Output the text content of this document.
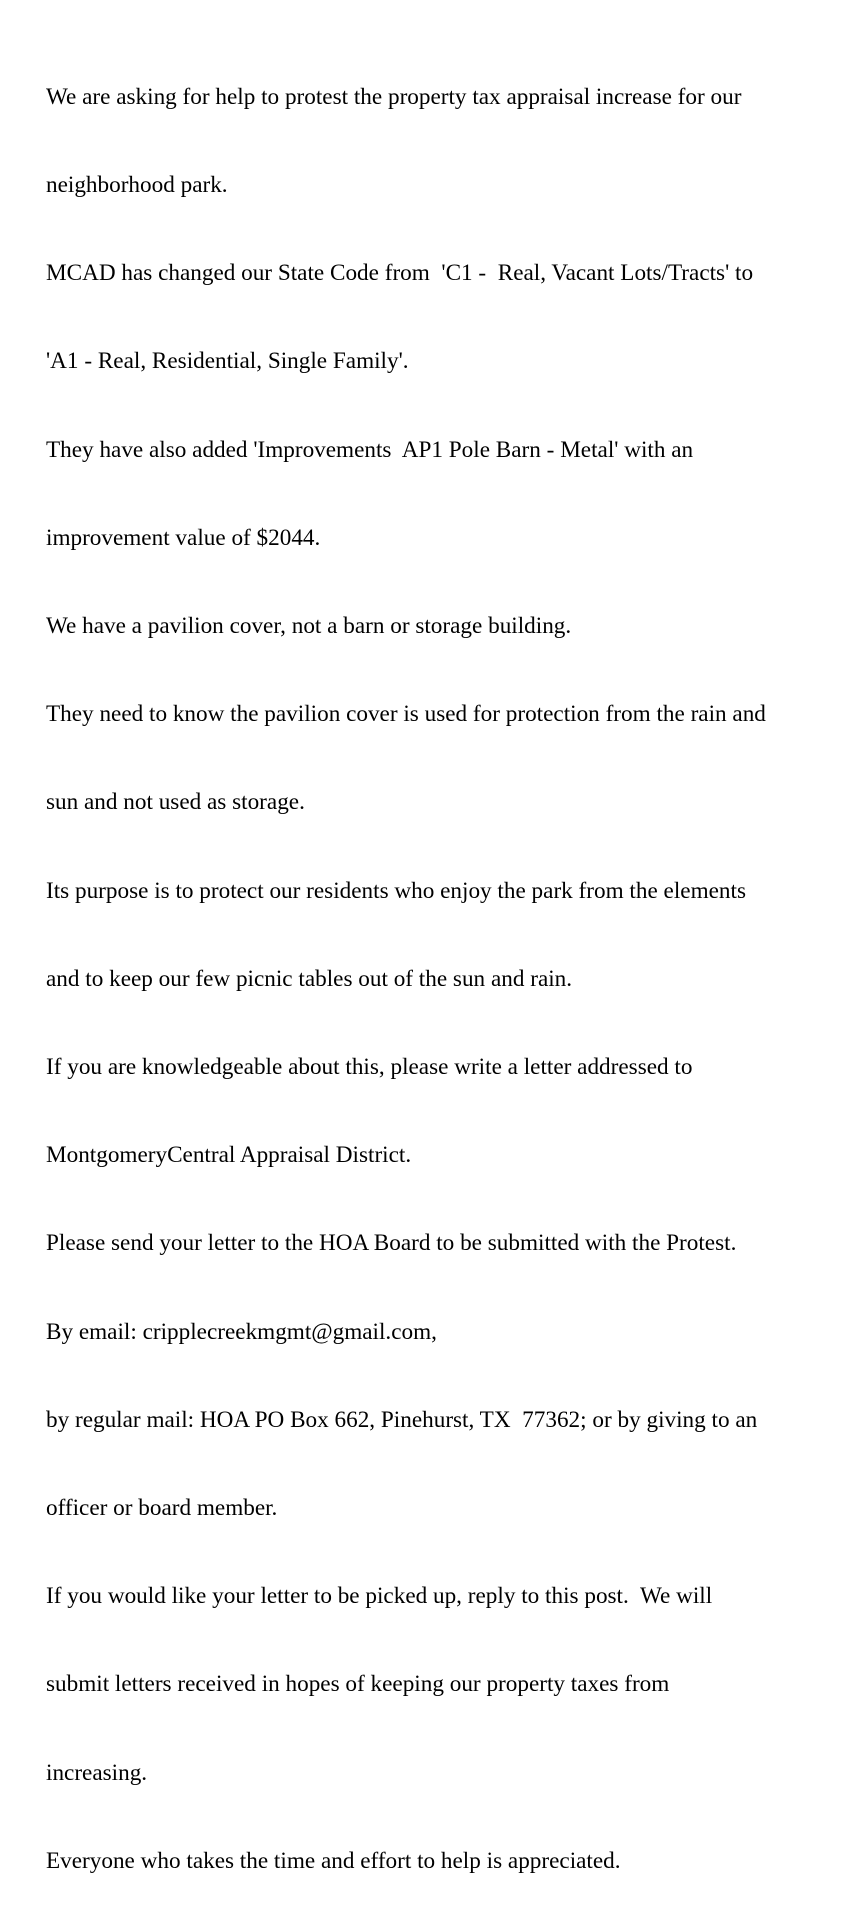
We are asking for help to protest the property tax appraisal increase for our

neighborhood park.

MCAD has changed our State Code from  'C1 -  Real, Vacant Lots/Tracts' to

'A1 - Real, Residential, Single Family'.

They have also added 'Improvements  AP1 Pole Barn - Metal' with an

improvement value of $2044.

We have a pavilion cover, not a barn or storage building.

They need to know the pavilion cover is used for protection from the rain and

sun and not used as storage.

Its purpose is to protect our residents who enjoy the park from the elements

and to keep our few picnic tables out of the sun and rain.

If you are knowledgeable about this, please write a letter addressed to

MontgomeryCentral Appraisal District.

Please send your letter to the HOA Board to be submitted with the Protest.

By email: cripplecreekmgmt@gmail.com,

by regular mail: HOA PO Box 662, Pinehurst, TX  77362; or by giving to an

officer or board member.

If you would like your letter to be picked up, reply to this post.  We will

submit letters received in hopes of keeping our property taxes from

increasing.

Everyone who takes the time and effort to help is appreciated.
